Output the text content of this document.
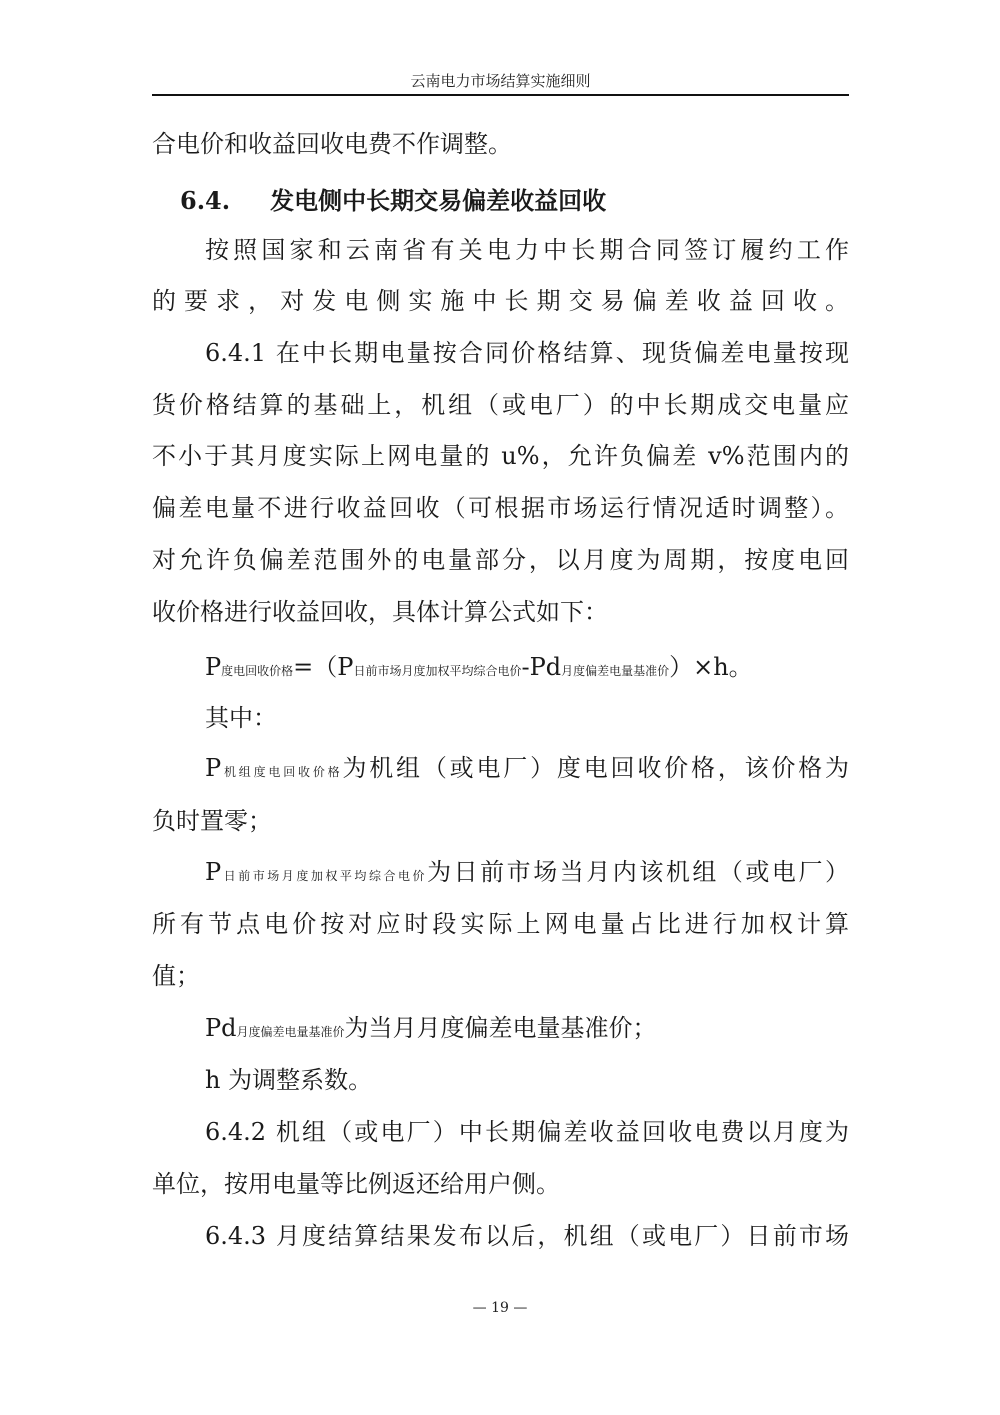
云南电力市场结算实施细则
合电价和收益回收电费不作调整。
6.4. 发电侧中长期交易偏差收益回收
按照国家和云南省有关电力中长期合同签订履约工作
的要求，对发电侧实施中长期交易偏差收益回收。
6.4.1 在中长期电量按合同价格结算、现货偏差电量按现
货价格结算的基础上，机组（或电厂）的中长期成交电量应
不小于其月度实际上网电量的 u%，允许负偏差 v%范围内的
偏差电量不进行收益回收（可根据市场运行情况适时调整）。
对允许负偏差范围外的电量部分，以月度为周期，按度电回
收价格进行收益回收，具体计算公式如下：
P度电回收价格=（P日前市场月度加权平均综合电价-Pd月度偏差电量基准价）×h。
其中：
P机组度电回收价格为机组（或电厂）度电回收价格，该价格为
负时置零；
P日前市场月度加权平均综合电价为日前市场当月内该机组（或电厂）
所有节点电价按对应时段实际上网电量占比进行加权计算
值；
Pd月度偏差电量基准价为当月月度偏差电量基准价；
h 为调整系数。
6.4.2 机组（或电厂）中长期偏差收益回收电费以月度为
单位，按用电量等比例返还给用户侧。
6.4.3 月度结算结果发布以后，机组（或电厂）日前市场
— 19 —
